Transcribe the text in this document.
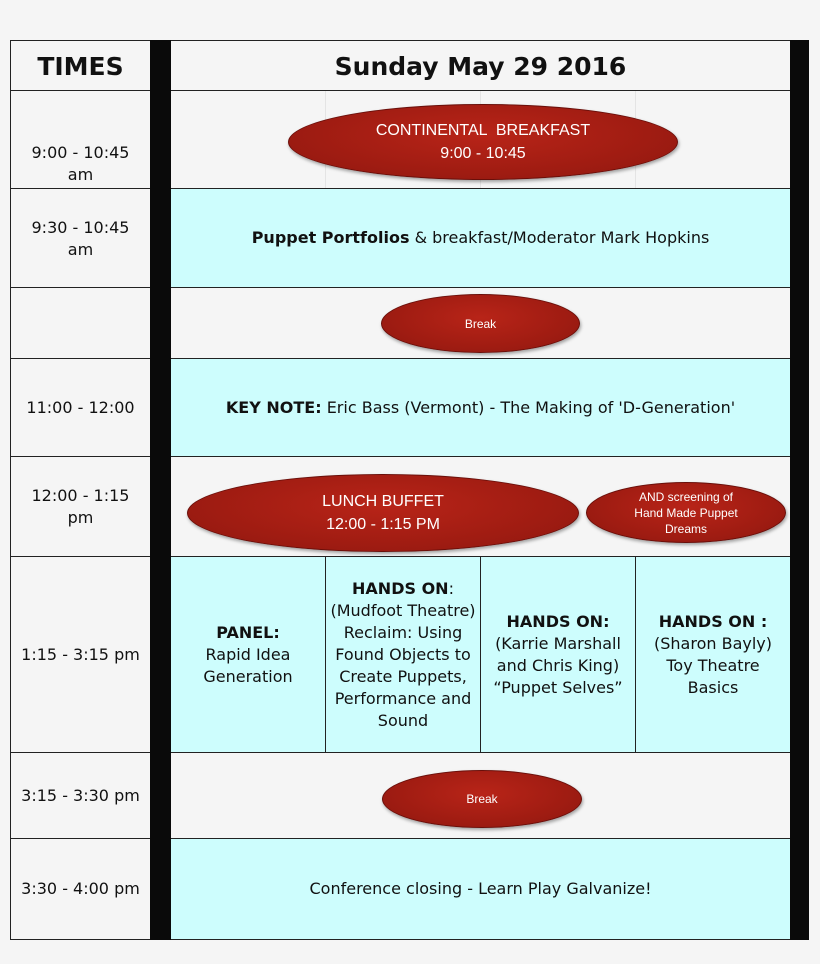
Puppet Portfolios & breakfast/Moderator Mark Hopkins
KEY NOTE: Eric Bass (Vermont) - The Making of 'D-Generation'
PANEL:
Rapid Idea Generation
HANDS ON: (Mudfoot Theatre) Reclaim: Using Found Objects to Create Puppets, Performance and Sound
HANDS ON:
(Karrie Marshall and Chris King) “Puppet Selves”
HANDS ON :
(Sharon Bayly) Toy Theatre Basics
Conference closing - Learn Play Galvanize!
TIMES	Sunday May 29 2016
9:00 - 10:45 am
9:30 - 10:45 am
11:00 - 12:00
12:00 - 1:15 pm
1:15 - 3:15 pm
3:15 - 3:30 pm
3:30 - 4:00 pm
CONTINENTAL  BREAKFAST
9:00 - 10:45
Break
LUNCH BUFFET
12:00 - 1:15 PM
AND screening of
Hand Made Puppet
Dreams
Break
